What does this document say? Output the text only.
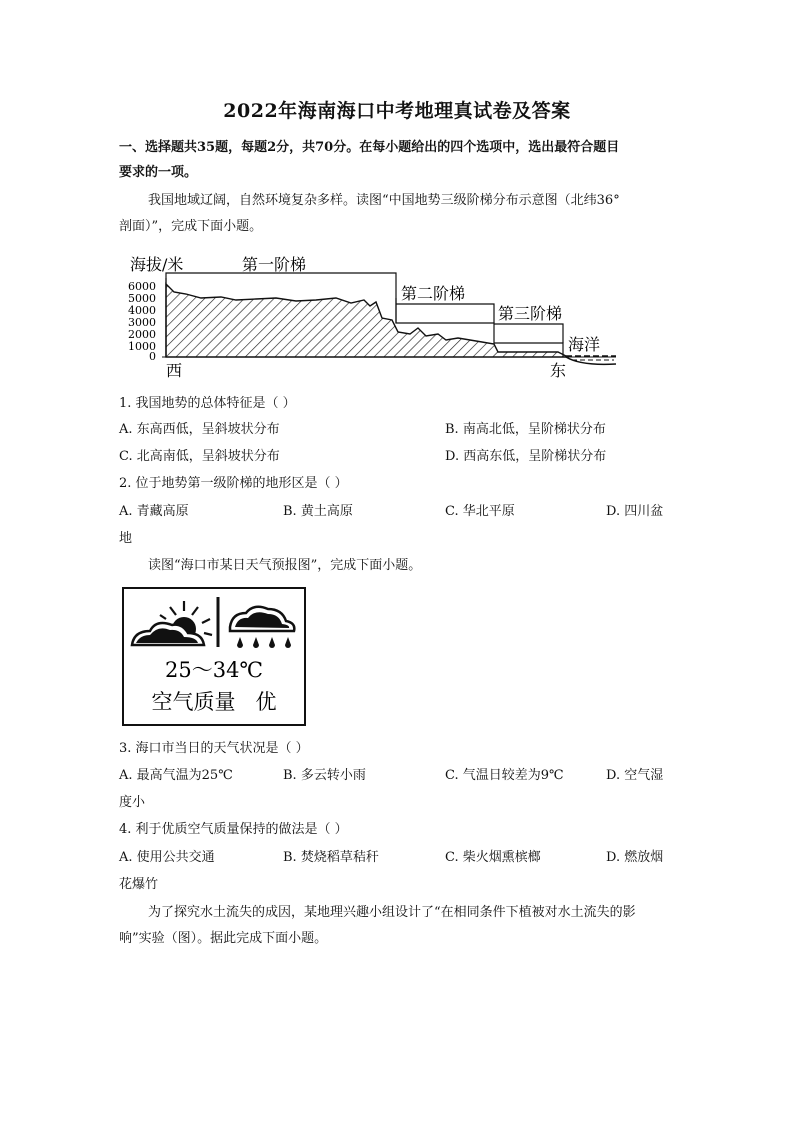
2022年海南海口中考地理真试卷及答案
一、选择题共35题，每题2分，共70分。在每小题给出的四个选项中，选出最符合题目
要求的一项。
我国地域辽阔，自然环境复杂多样。读图“中国地势三级阶梯分布示意图（北纬36°
剖面）”，完成下面小题。
海拔/米	第一阶梯
第二阶梯
第三阶梯
海洋
6000
5000
4000
3000
2000
1000
0
西	东
1. 我国地势的总体特征是（ ）
A. 东高西低，呈斜坡状分布	B. 南高北低，呈阶梯状分布
C. 北高南低，呈斜坡状分布	D. 西高东低，呈阶梯状分布
2. 位于地势第一级阶梯的地形区是（ ）
A. 青藏高原	B. 黄土高原	C. 华北平原	D. 四川盆
地
读图“海口市某日天气预报图”，完成下面小题。
25～34℃
空气质量   优
3. 海口市当日的天气状况是（ ）
A. 最高气温为25℃	B. 多云转小雨	C. 气温日较差为9℃	D. 空气湿
度小
4. 利于优质空气质量保持的做法是（ ）
A. 使用公共交通	B. 焚烧稻草秸秆	C. 柴火烟熏槟榔	D. 燃放烟
花爆竹
为了探究水土流失的成因，某地理兴趣小组设计了“在相同条件下植被对水土流失的影
响”实验（图）。据此完成下面小题。
